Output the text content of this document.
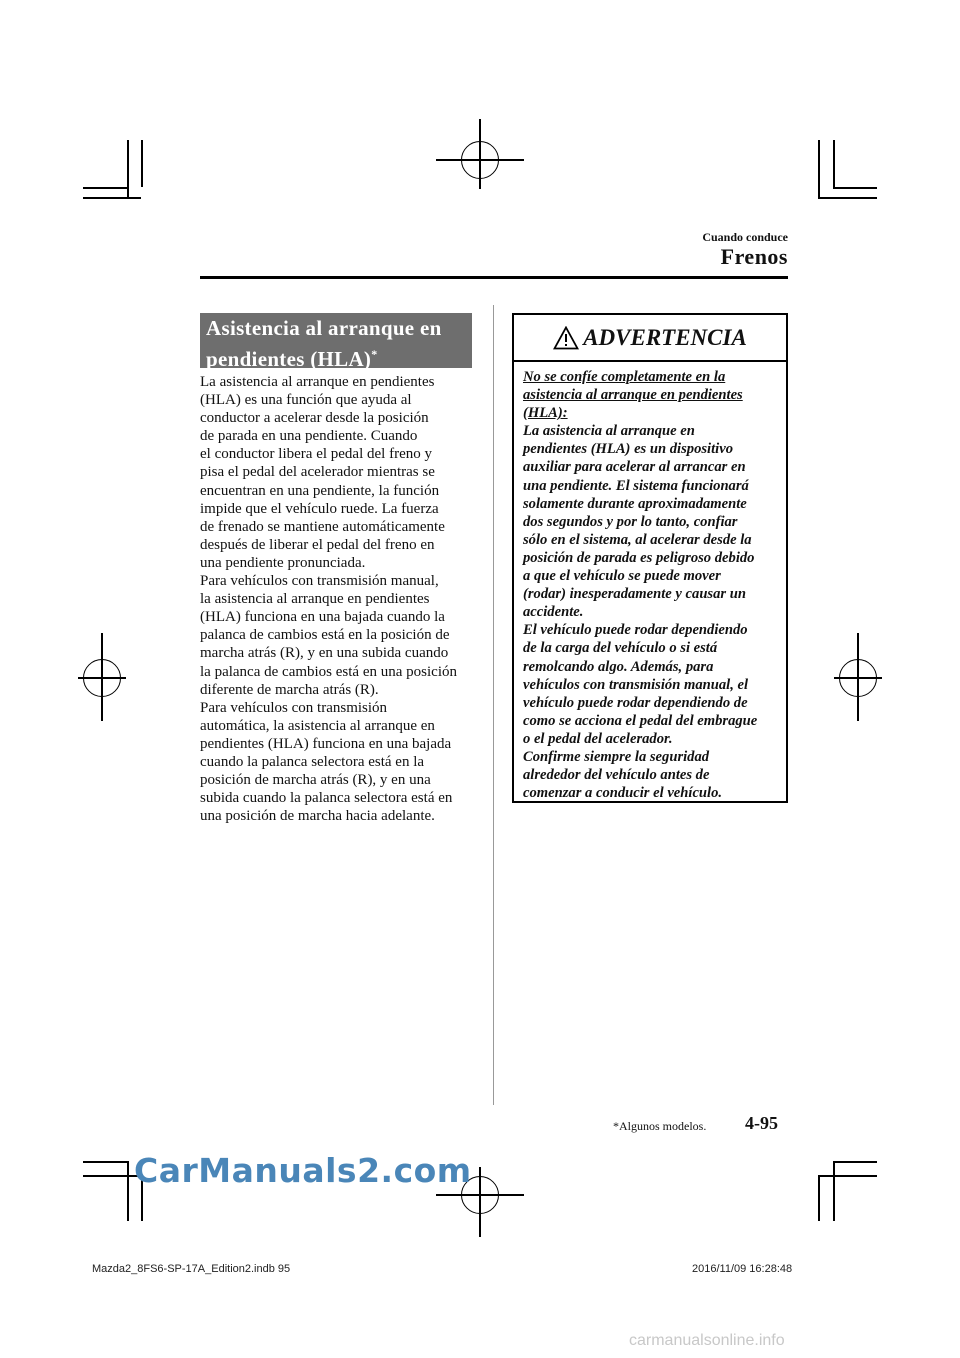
Cuando conduce
Frenos
Asistencia al arranque en
pendientes (HLA)*
La asistencia al arranque en pendientes
(HLA) es una función que ayuda al
conductor a acelerar desde la posición
de parada en una pendiente. Cuando
el conductor libera el pedal del freno y
pisa el pedal del acelerador mientras se
encuentran en una pendiente, la función
impide que el vehículo ruede. La fuerza
de frenado se mantiene automáticamente
después de liberar el pedal del freno en
una pendiente pronunciada.
Para vehículos con transmisión manual,
la asistencia al arranque en pendientes
(HLA) funciona en una bajada cuando la
palanca de cambios está en la posición de
marcha atrás (R), y en una subida cuando
la palanca de cambios está en una posición
diferente de marcha atrás (R).
Para vehículos con transmisión
automática, la asistencia al arranque en
pendientes (HLA) funciona en una bajada
cuando la palanca selectora está en la
posición de marcha atrás (R), y en una
subida cuando la palanca selectora está en
una posición de marcha hacia adelante.
ADVERTENCIA
No se confíe completamente en la
asistencia al arranque en pendientes
(HLA):
La asistencia al arranque en
pendientes (HLA) es un dispositivo
auxiliar para acelerar al arrancar en
una pendiente. El sistema funcionará
solamente durante aproximadamente
dos segundos y por lo tanto, confiar
sólo en el sistema, al acelerar desde la
posición de parada es peligroso debido
a que el vehículo se puede mover
(rodar) inesperadamente y causar un
accidente.
El vehículo puede rodar dependiendo
de la carga del vehículo o si está
remolcando algo. Además, para
vehículos con transmisión manual, el
vehículo puede rodar dependiendo de
como se acciona el pedal del embrague
o el pedal del acelerador.
Confirme siempre la seguridad
alrededor del vehículo antes de
comenzar a conducir el vehículo.
*Algunos modelos. 4-95
CarManuals2.com
Mazda2_8FS6-SP-17A_Edition2.indb 95	2016/11/09 16:28:48
carmanualsonline.info
